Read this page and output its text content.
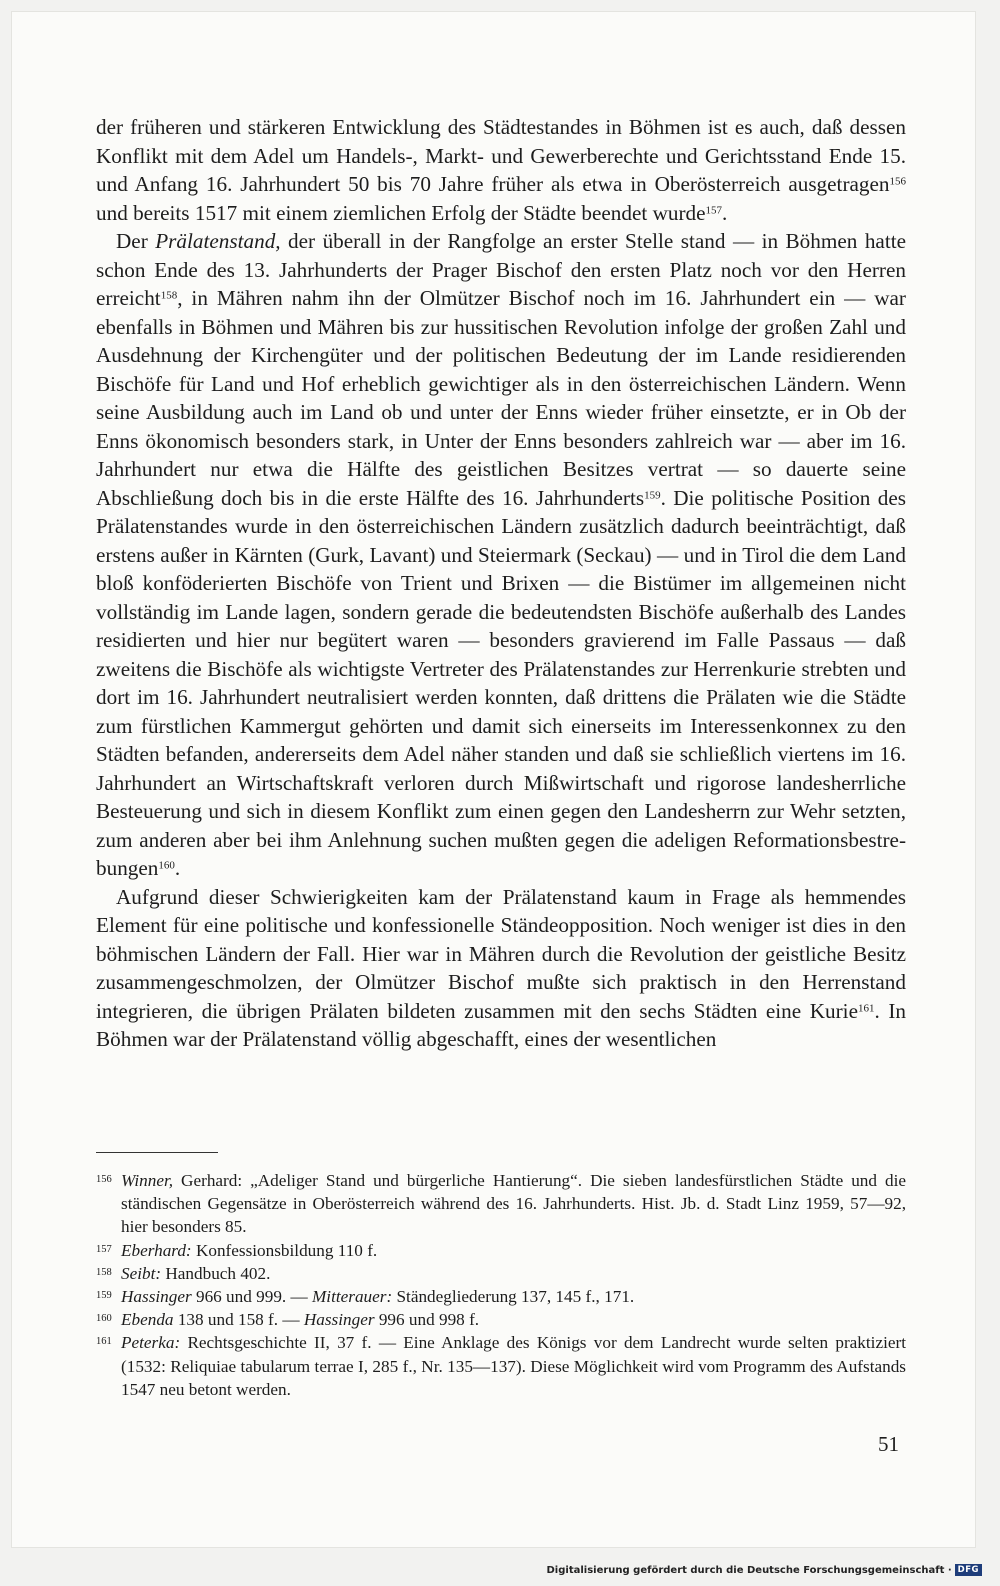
der früheren und stärkeren Entwicklung des Städtestandes in Böhmen ist es auch, daß dessen Konflikt mit dem Adel um Handels-, Markt- und Gewerberechte und Gerichtsstand Ende 15. und Anfang 16. Jahrhundert 50 bis 70 Jahre früher als etwa in Oberösterreich ausgetragen$^{156}$ und bereits 1517 mit einem ziemlichen Erfolg der Städte beendet wurde$^{157}$.

Der Prälatenstand, der überall in der Rangfolge an erster Stelle stand — in Böhmen hatte schon Ende des 13. Jahrhunderts der Prager Bischof den ersten Platz noch vor den Herren erreicht$^{158}$, in Mähren nahm ihn der Olmützer Bischof noch im 16. Jahrhundert ein — war ebenfalls in Böhmen und Mähren bis zur hussitischen Revolution infolge der großen Zahl und Ausdehnung der Kirchengüter und der politischen Bedeutung der im Lande residierenden Bischöfe für Land und Hof erheblich gewichtiger als in den österreichischen Ländern. Wenn seine Ausbildung auch im Land ob und unter der Enns wieder früher einsetzte, er in Ob der Enns ökonomisch besonders stark, in Unter der Enns besonders zahlreich war — aber im 16. Jahrhundert nur etwa die Hälfte des geistlichen Besitzes vertrat — so dauerte seine Abschließung doch bis in die erste Hälfte des 16. Jahrhunderts$^{159}$. Die politische Position des Prälatenstandes wurde in den österreichischen Ländern zusätzlich dadurch beeinträchtigt, daß erstens außer in Kärnten (Gurk, Lavant) und Steiermark (Seckau) — und in Tirol die dem Land bloß konföderierten Bischöfe von Trient und Brixen — die Bistümer im allgemeinen nicht vollständig im Lande lagen, sondern gerade die bedeutendsten Bischöfe außerhalb des Landes residierten und hier nur begütert waren — besonders gravierend im Falle Passaus — daß zweitens die Bischöfe als wichtigste Vertreter des Prälatenstandes zur Herrenkurie strebten und dort im 16. Jahrhundert neutralisiert werden konnten, daß drittens die Prälaten wie die Städte zum fürstlichen Kammergut gehörten und damit sich einerseits im Interessenkonnex zu den Städten befanden, andererseits dem Adel näher standen und daß sie schließlich viertens im 16. Jahrhundert an Wirtschaftskraft verloren durch Mißwirtschaft und rigorose landesherrliche Besteuerung und sich in diesem Konflikt zum einen gegen den Landesherrn zur Wehr setzten, zum anderen aber bei ihm Anlehnung suchen mußten gegen die adeligen Reformationsbestre-bungen$^{160}$.

Aufgrund dieser Schwierigkeiten kam der Prälatenstand kaum in Frage als hemmendes Element für eine politische und konfessionelle Ständeopposition. Noch weniger ist dies in den böhmischen Ländern der Fall. Hier war in Mähren durch die Revolution der geistliche Besitz zusammengeschmolzen, der Olmützer Bischof mußte sich praktisch in den Herrenstand integrieren, die übrigen Prälaten bildeten zusammen mit den sechs Städten eine Kurie$^{161}$. In Böhmen war der Prälatenstand völlig abgeschafft, eines der wesentlichen

156 Winner, Gerhard: „Adeliger Stand und bürgerliche Hantierung“. Die sieben landesfürstlichen Städte und die ständischen Gegensätze in Oberösterreich während des 16. Jahrhunderts. Hist. Jb. d. Stadt Linz 1959, 57—92, hier besonders 85.
157 Eberhard: Konfessionsbildung 110 f.
158 Seibt: Handbuch 402.
159 Hassinger 966 und 999. — Mitterauer: Ständegliederung 137, 145 f., 171.
160 Ebenda 138 und 158 f. — Hassinger 996 und 998 f.
161 Peterka: Rechtsgeschichte II, 37 f. — Eine Anklage des Königs vor dem Landrecht wurde selten praktiziert (1532: Reliquiae tabularum terrae I, 285 f., Nr. 135—137). Diese Möglichkeit wird vom Programm des Aufstands 1547 neu betont werden.
51
Digitalisierung gefördert durch die Deutsche Forschungsgemeinschaft · DFG
